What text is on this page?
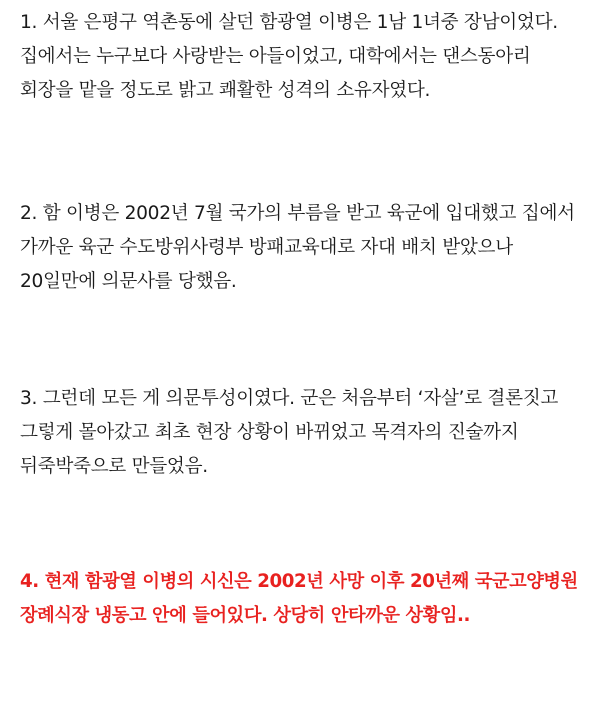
1. 서울 은평구 역촌동에 살던 함광열 이병은 1남 1녀중 장남이었다. 집에서는 누구보다 사랑받는 아들이었고, 대학에서는 댄스동아리 회장을 맡을 정도로 밝고 쾌활한 성격의 소유자였다.

2. 함 이병은 2002년 7월 국가의 부름을 받고 육군에 입대했고 집에서 가까운 육군 수도방위사령부 방패교육대로 자대 배치 받았으나 20일만에 의문사를 당했음.

3. 그런데 모든 게 의문투성이였다. 군은 처음부터 ‘자살’로 결론짓고 그렇게 몰아갔고 최초 현장 상황이 바뀌었고 목격자의 진술까지 뒤죽박죽으로 만들었음.

4. 현재 함광열 이병의 시신은 2002년 사망 이후 20년째 국군고양병원 장례식장 냉동고 안에 들어있다. 상당히 안타까운 상황임..
